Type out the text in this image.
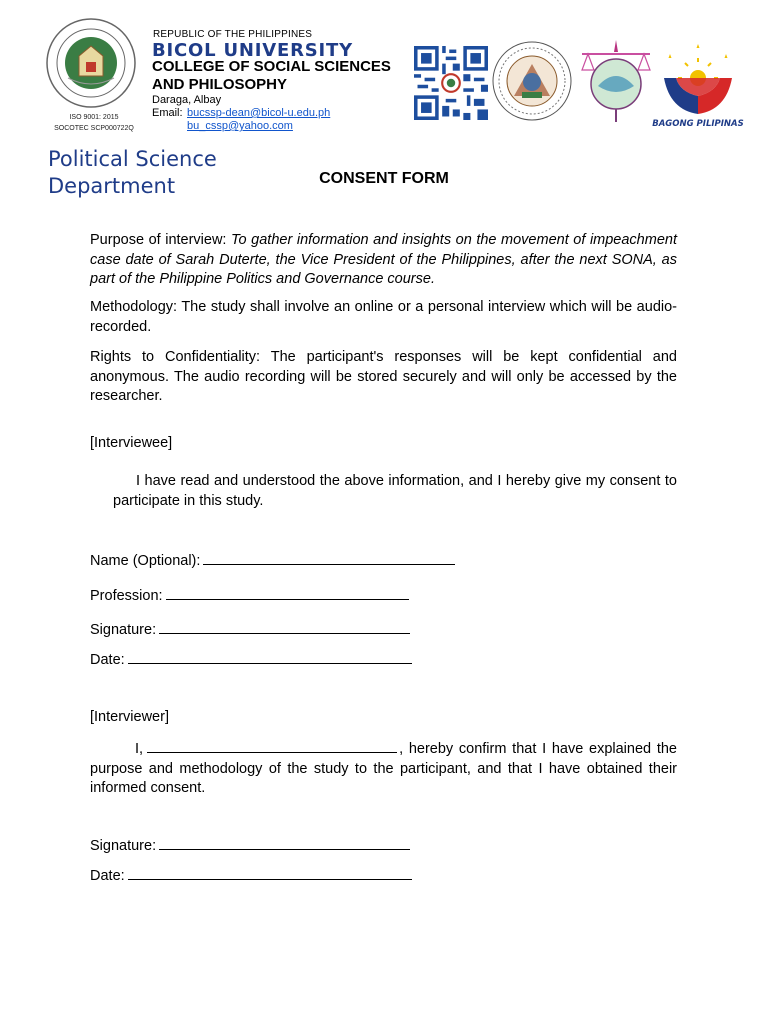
ISO 9001: 2015
SOCOTEC SCP000722Q
REPUBLIC OF THE PHILIPPINES
BICOL UNIVERSITY
COLLEGE OF SOCIAL SCIENCES AND PHILOSOPHY
Daraga, Albay
Email: bucssp-dean@bicol-u.edu.ph
bu_cssp@yahoo.com	BAGONG PILIPINAS
Political Science Department	CONSENT FORM
Purpose of interview: To gather information and insights on the movement of impeachment case date of Sarah Duterte, the Vice President of the Philippines, after the next SONA, as part of the Philippine Politics and Governance course.
Methodology: The study shall involve an online or a personal interview which will be audio-recorded.
Rights to Confidentiality: The participant's responses will be kept confidential and anonymous. The audio recording will be stored securely and will only be accessed by the researcher.
[Interviewee]
I have read and understood the above information, and I hereby give my consent to participate in this study.
Name (Optional):
Profession:
Signature:
Date:
[Interviewer]
I,	, hereby confirm that I have explained the purpose and methodology of the study to the participant, and that I have obtained their informed consent.
Signature:
Date:
